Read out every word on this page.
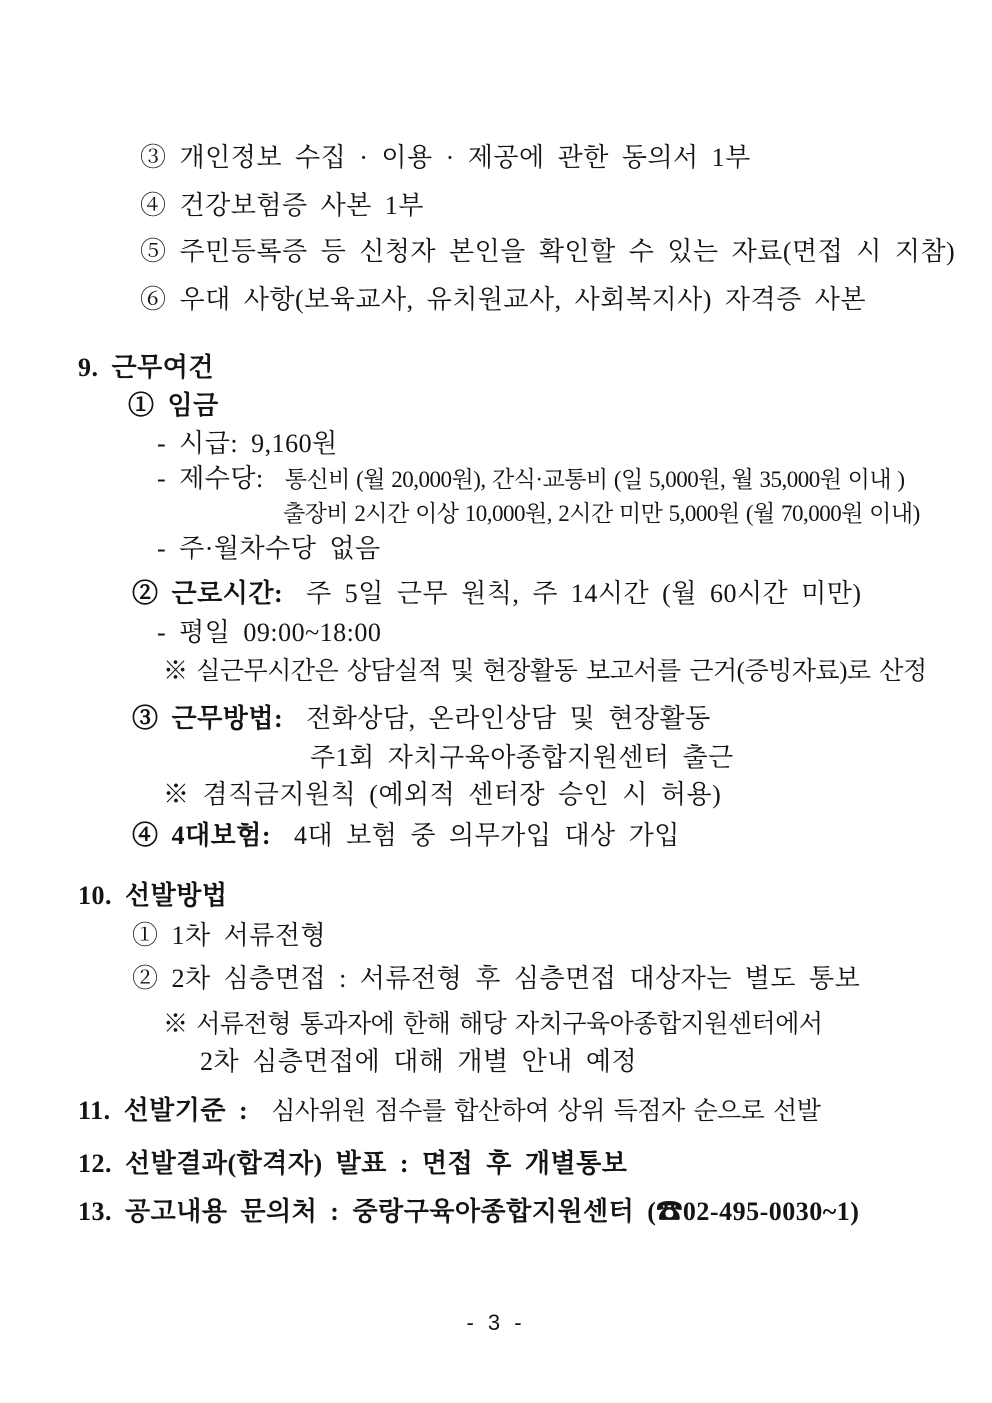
③ 개인정보 수집 · 이용 · 제공에 관한 동의서 1부
④ 건강보험증 사본 1부
⑤ 주민등록증 등 신청자 본인을 확인할 수 있는 자료(면접 시 지참)
⑥ 우대 사항(보육교사, 유치원교사, 사회복지사) 자격증 사본
9. 근무여건
① 임금
- 시급: 9,160원
- 제수당: 통신비 (월 20,000원), 간식·교통비 (일 5,000원, 월 35,000원 이내 )
출장비 2시간 이상 10,000원, 2시간 미만 5,000원 (월 70,000원 이내)
- 주·월차수당 없음
② 근로시간: 주 5일 근무 원칙, 주 14시간 (월 60시간 미만)
- 평일 09:00~18:00
※ 실근무시간은 상담실적 및 현장활동 보고서를 근거(증빙자료)로 산정
③ 근무방법: 전화상담, 온라인상담 및 현장활동
주1회 자치구육아종합지원센터 출근
※ 겸직금지원칙 (예외적 센터장 승인 시 허용)
④ 4대보험: 4대 보험 중 의무가입 대상 가입
10. 선발방법
① 1차 서류전형
② 2차 심층면접 : 서류전형 후 심층면접 대상자는 별도 통보
※ 서류전형 통과자에 한해 해당 자치구육아종합지원센터에서
2차 심층면접에 대해 개별 안내 예정
11. 선발기준 : 심사위원 점수를 합산하여 상위 득점자 순으로 선발
12. 선발결과(합격자) 발표 : 면접 후 개별통보
13. 공고내용 문의처 : 중랑구육아종합지원센터 (☎02-495-0030~1)
- 3 -
